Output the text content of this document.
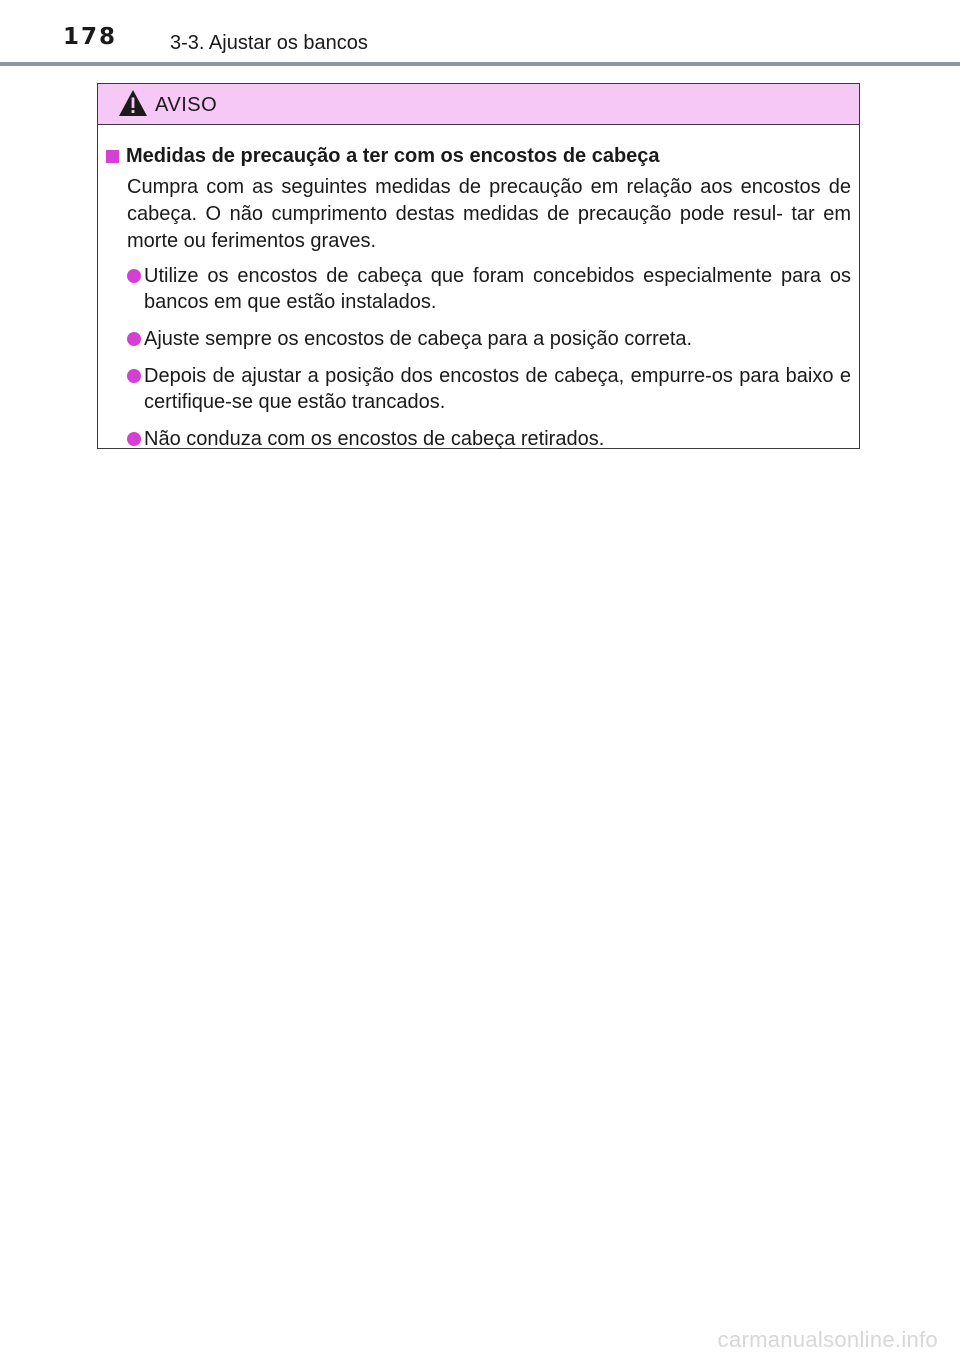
178	3-3. Ajustar os bancos
AVISO
Medidas de precaução a ter com os encostos de cabeça

Cumpra com as seguintes medidas de precaução em relação aos encostos de cabeça. O não cumprimento destas medidas de precaução pode resul- tar em morte ou ferimentos graves.

Utilize os encostos de cabeça que foram concebidos especialmente para os bancos em que estão instalados.
Ajuste sempre os encostos de cabeça para a posição correta.
Depois de ajustar a posição dos encostos de cabeça, empurre-os para baixo e certifique-se que estão trancados.
Não conduza com os encostos de cabeça retirados.
carmanualsonline.info
